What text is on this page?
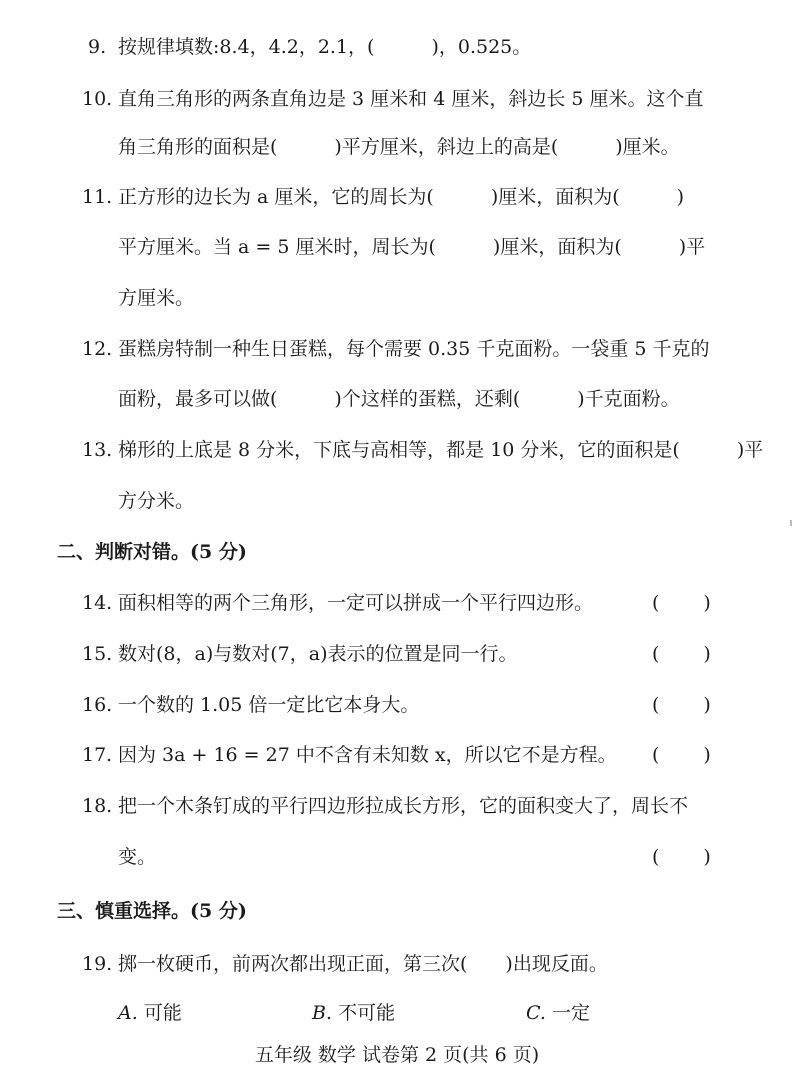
9. 按规律填数:8.4，4.2，2.1，(　　　)，0.525。
10. 直角三角形的两条直角边是 3 厘米和 4 厘米，斜边长 5 厘米。这个直
角三角形的面积是(　　　)平方厘米，斜边上的高是(　　　)厘米。
11. 正方形的边长为 a 厘米，它的周长为(　　　)厘米，面积为(　　　)
平方厘米。当 a = 5 厘米时，周长为(　　　)厘米，面积为(　　　)平
方厘米。
12. 蛋糕房特制一种生日蛋糕，每个需要 0.35 千克面粉。一袋重 5 千克的
面粉，最多可以做(　　　)个这样的蛋糕，还剩(　　　)千克面粉。
13. 梯形的上底是 8 分米，下底与高相等，都是 10 分米，它的面积是(　　　)平
方分米。
二、判断对错。(5 分)
14. 面积相等的两个三角形，一定可以拼成一个平行四边形。	(　　)
15. 数对(8，a)与数对(7，a)表示的位置是同一行。	(　　)
16. 一个数的 1.05 倍一定比它本身大。	(　　)
17. 因为 3a + 16 = 27 中不含有未知数 x，所以它不是方程。 (　　)
18. 把一个木条钉成的平行四边形拉成长方形，它的面积变大了，周长不
变。	(　　)
三、慎重选择。(5 分)
19. 掷一枚硬币，前两次都出现正面，第三次(　　)出现反面。
A. 可能	B. 不可能	C. 一定
五年级 数学 试卷第 2 页(共 6 页)
